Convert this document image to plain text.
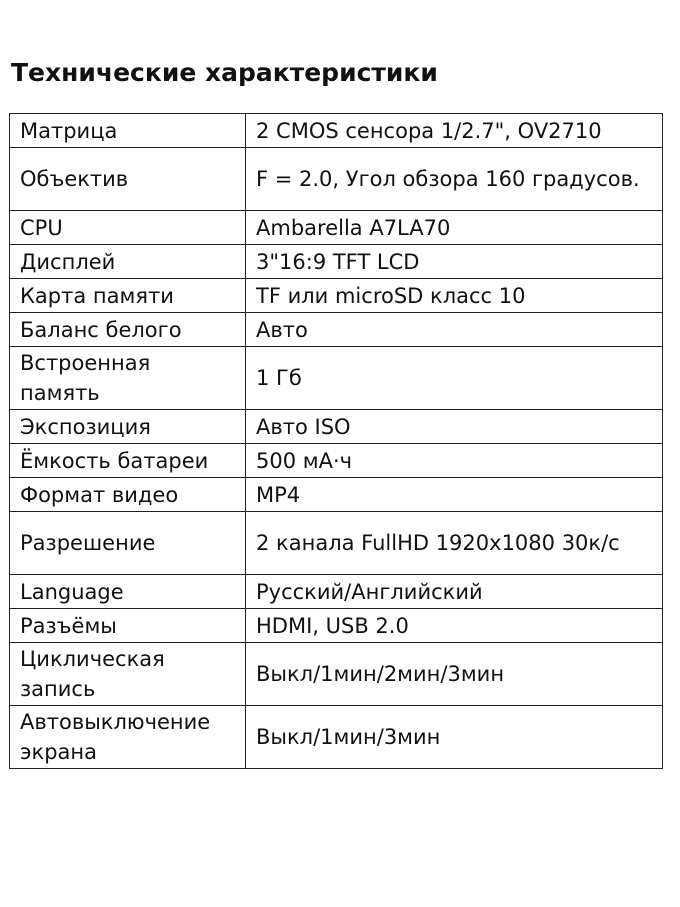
Технические характеристики
Матрица	2 CMOS сенсора 1/2.7", OV2710
Объектив	F = 2.0, Угол обзора 160 градусов.
CPU	Ambarella A7LA70
Дисплей	3"16:9 TFT LCD
Карта памяти	TF или microSD класс 10
Баланс белого	Авто
Встроенная память	1 Гб
Экспозиция	Авто ISO
Ёмкость батареи	500 мА·ч
Формат видео	MP4
Разрешение	2 канала FullHD 1920x1080 30к/с
Language	Русский/Английский
Разъёмы	HDMI, USB 2.0
Циклическая запись	Выкл/1мин/2мин/3мин
Автовыключение экрана	Выкл/1мин/3мин
